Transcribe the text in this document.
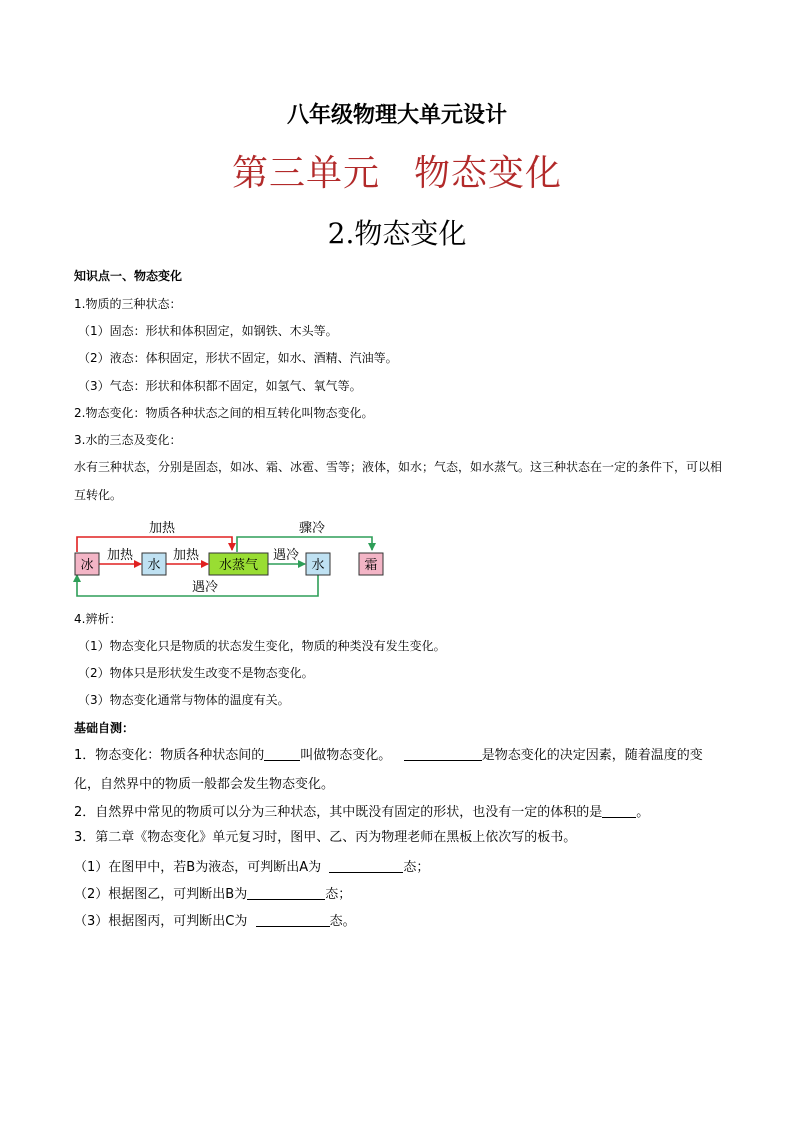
八年级物理大单元设计
第三单元 物态变化
2.物态变化
知识点一、物态变化
1.物质的三种状态：
（1）固态：形状和体积固定，如钢铁、木头等。
（2）液态：体积固定，形状不固定，如水、酒精、汽油等。
（3）气态：形状和体积都不固定，如氢气、氧气等。
2.物态变化：物质各种状态之间的相互转化叫物态变化。
3.水的三态及变化：
水有三种状态，分别是固态，如冰、霜、冰雹、雪等；液体，如水；气态，如水蒸气。这三种状态在一定的条件下，可以相互转化。
冰	水	水蒸气	水	霜
加热
加热	加热
骤冷
遇冷
遇冷
4.辨析：
（1）物态变化只是物质的状态发生变化，物质的种类没有发生变化。
（2）物体只是形状发生改变不是物态变化。
（3）物态变化通常与物体的温度有关。
基础自测：
1．物态变化：物质各种状态间的	叫做物态变化。	是物态变化的决定因素，随着温度的变化，自然界中的物质一般都会发生物态变化。
2．自然界中常见的物质可以分为三种状态，其中既没有固定的形状，也没有一定的体积的是	。
3．第二章《物态变化》单元复习时，图甲、乙、丙为物理老师在黑板上依次写的板书。
（1）在图甲中，若B为液态，可判断出A为	态；
（2）根据图乙，可判断出B为	态；
（3）根据图丙，可判断出C为	态。
